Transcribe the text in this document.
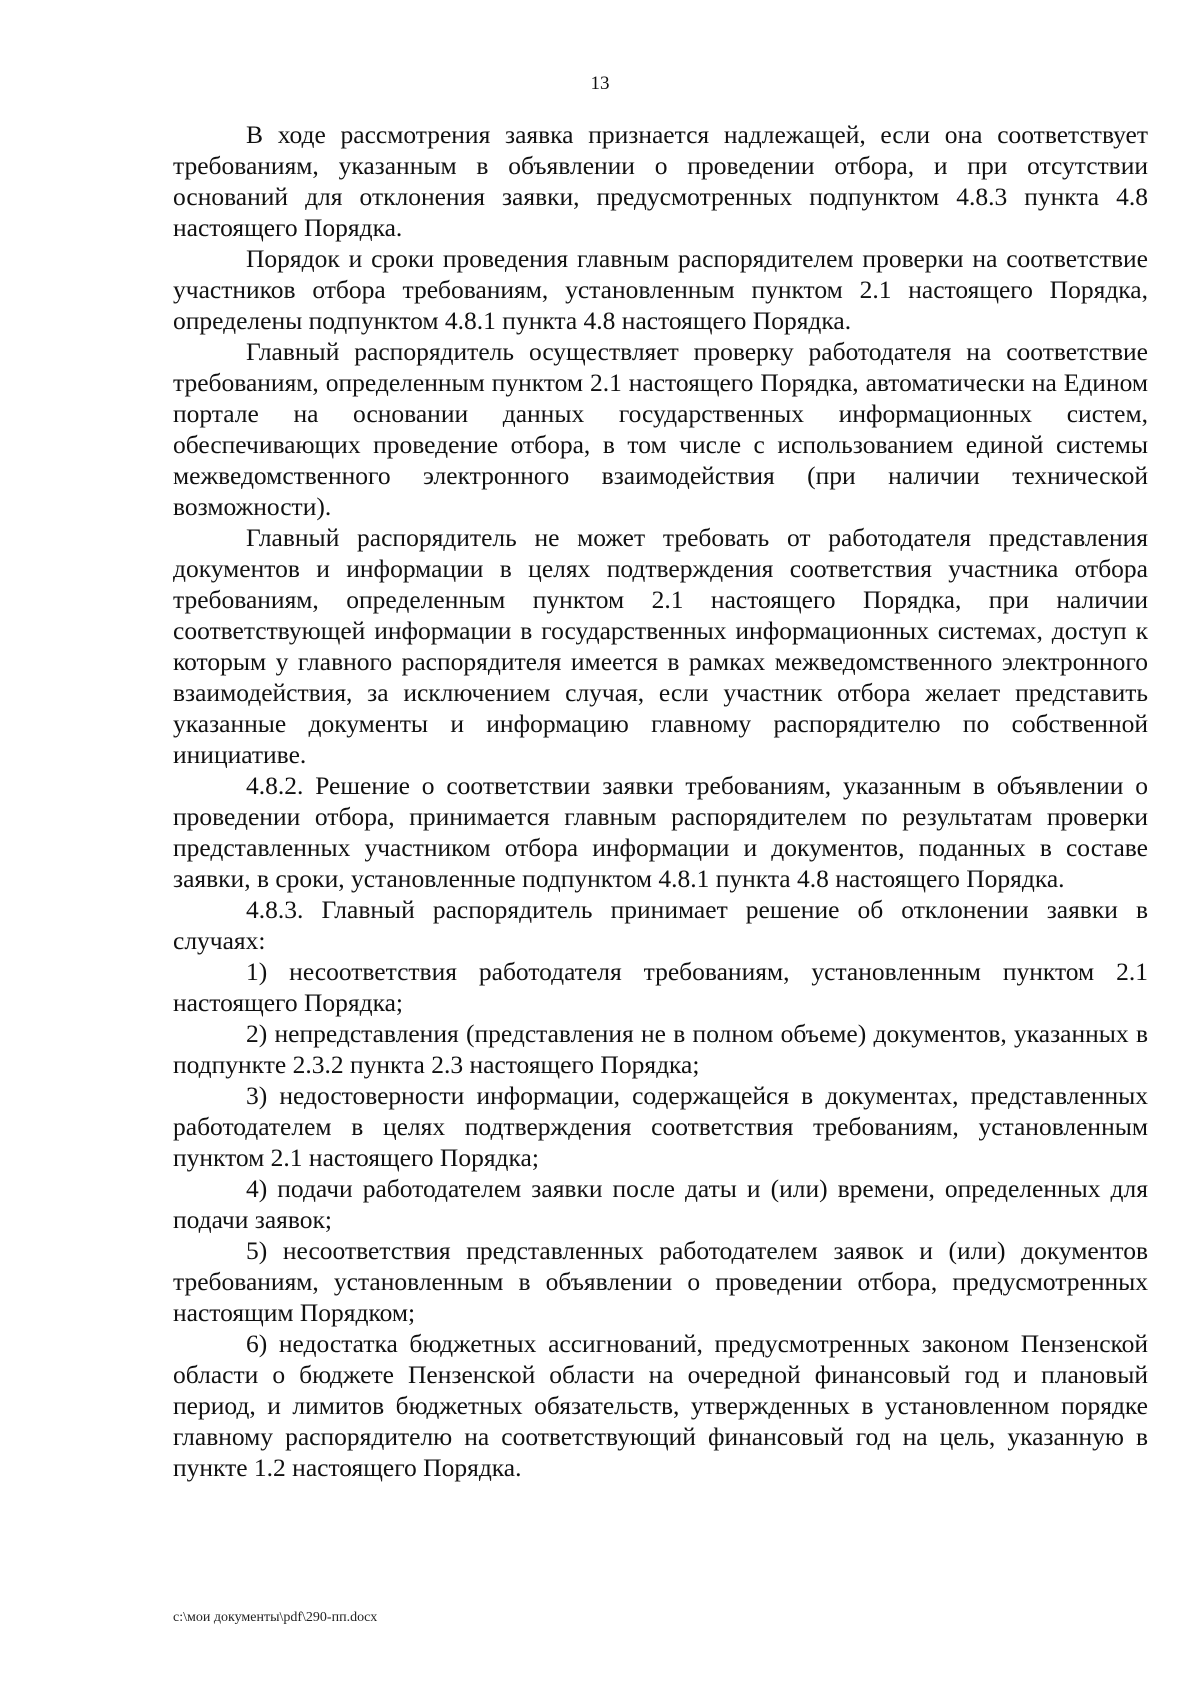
13

В ходе рассмотрения заявка признается надлежащей, если она соответствует требованиям, указанным в объявлении о проведении отбора, и при отсутствии оснований для отклонения заявки, предусмотренных подпунктом 4.8.3 пункта 4.8 настоящего Порядка.

Порядок и сроки проведения главным распорядителем проверки на соответствие участников отбора требованиям, установленным пунктом 2.1 настоящего Порядка, определены подпунктом 4.8.1 пункта 4.8 настоящего Порядка.

Главный распорядитель осуществляет проверку работодателя на соответствие требованиям, определенным пунктом 2.1 настоящего Порядка, автоматически на Едином портале на основании данных государственных информационных систем, обеспечивающих проведение отбора, в том числе с использованием единой системы межведомственного электронного взаимодействия (при наличии технической возможности).

Главный распорядитель не может требовать от работодателя представления документов и информации в целях подтверждения соответствия участника отбора требованиям, определенным пунктом 2.1 настоящего Порядка, при наличии соответствующей информации в государственных информационных системах, доступ к которым у главного распорядителя имеется в рамках межведомственного электронного взаимодействия, за исключением случая, если участник отбора желает представить указанные документы и информацию главному распорядителю по собственной инициативе.

4.8.2. Решение о соответствии заявки требованиям, указанным в объявлении о проведении отбора, принимается главным распорядителем по результатам проверки представленных участником отбора информации и документов, поданных в составе заявки, в сроки, установленные подпунктом 4.8.1 пункта 4.8 настоящего Порядка.

4.8.3. Главный распорядитель принимает решение об отклонении заявки в случаях:

1) несоответствия работодателя требованиям, установленным пунктом 2.1 настоящего Порядка;

2) непредставления (представления не в полном объеме) документов, указанных в подпункте 2.3.2 пункта 2.3 настоящего Порядка;

3) недостоверности информации, содержащейся в документах, представленных работодателем в целях подтверждения соответствия требованиям, установленным пунктом 2.1 настоящего Порядка;

4) подачи работодателем заявки после даты и (или) времени, определенных для подачи заявок;

5) несоответствия представленных работодателем заявок и (или) документов требованиям, установленным в объявлении о проведении отбора, предусмотренных настоящим Порядком;

6) недостатка бюджетных ассигнований, предусмотренных законом Пензенской области о бюджете Пензенской области на очередной финансовый год и плановый период, и лимитов бюджетных обязательств, утвержденных в установленном порядке главному распорядителю на соответствующий финансовый год на цель, указанную в пункте 1.2 настоящего Порядка.

c:\мои документы\pdf\290-пп.docx
